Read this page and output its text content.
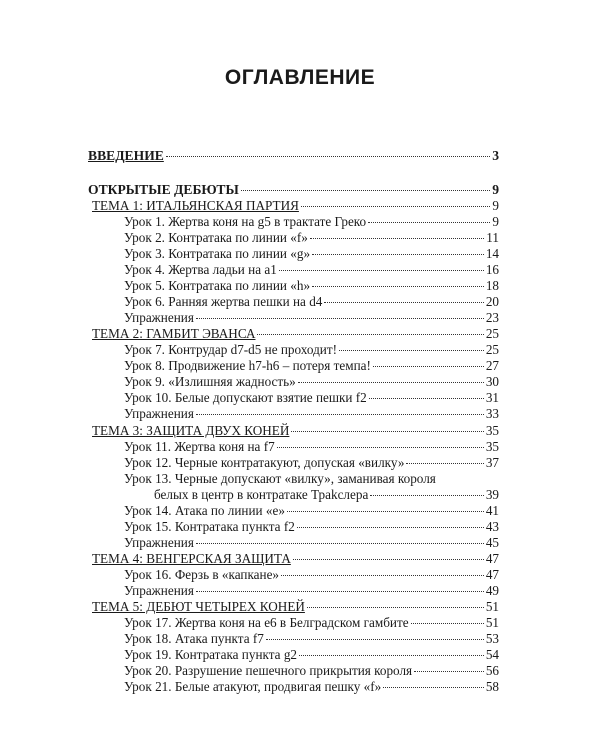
ОГЛАВЛЕНИЕ
ВВЕДЕНИЕ	3
ОТКРЫТЫЕ ДЕБЮТЫ	9
ТЕМА 1: ИТАЛЬЯНСКАЯ ПАРТИЯ	9
Урок 1. Жертва коня на g5 в трактате Греко	9
Урок 2. Контратака по линии «f»	11
Урок 3. Контратака по линии «g»	14
Урок 4. Жертва ладьи на a1	16
Урок 5. Контратака по линии «h»	18
Урок 6. Ранняя жертва пешки на d4	20
Упражнения	23
ТЕМА 2: ГАМБИТ ЭВАНСА	25
Урок 7. Контрудар d7-d5 не проходит!	25
Урок 8. Продвижение h7-h6 – потеря темпа!	27
Урок 9. «Излишняя жадность»	30
Урок 10. Белые допускают взятие пешки f2	31
Упражнения	33
ТЕМА 3: ЗАЩИТА ДВУХ КОНЕЙ	35
Урок 11. Жертва коня на f7	35
Урок 12. Черные контратакуют, допуская «вилку»	37
Урок 13. Черные допускают «вилку», заманивая короля
белых в центр в контратаке Трakслера	39
Урок 14. Атака по линии «е»	41
Урок 15. Контратака пункта f2	43
Упражнения	45
ТЕМА 4: ВЕНГЕРСКАЯ ЗАЩИТА	47
Урок 16. Ферзь в «капкане»	47
Упражнения	49
ТЕМА 5: ДЕБЮТ ЧЕТЫРЕХ КОНЕЙ	51
Урок 17. Жертва коня на е6 в Белградском гамбите	51
Урок 18. Атака пункта f7	53
Урок 19. Контратака пункта g2	54
Урок 20. Разрушение пешечного прикрытия короля	56
Урок 21. Белые атакуют, продвигая пешку «f»	58
